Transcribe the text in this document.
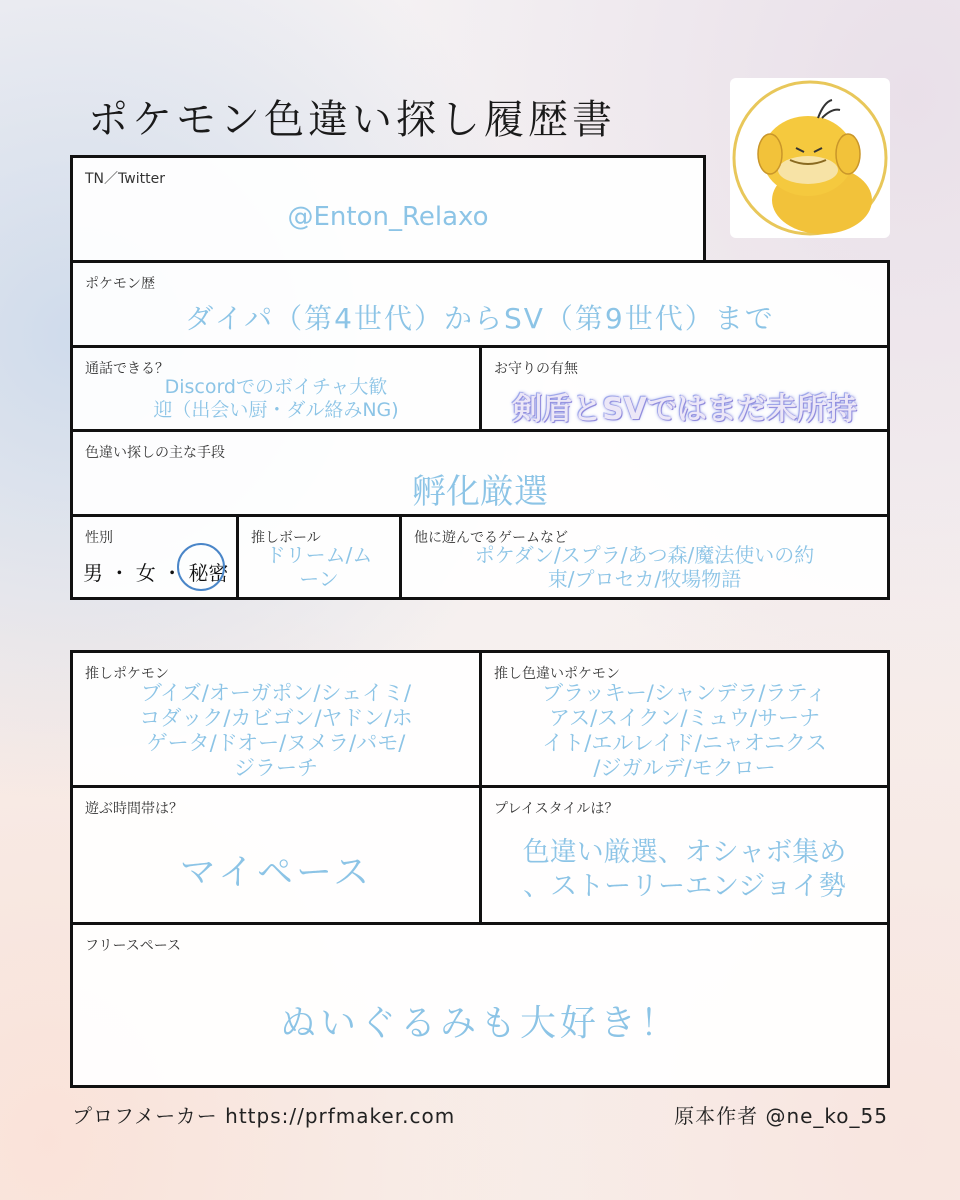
ポケモン色違い探し履歴書
TN／Twitter
@Enton_Relaxo
ポケモン歴
ダイパ（第4世代）からSV（第9世代）まで
通話できる？
Discordでのボイチャ大歓
迎（出会い厨・ダル絡みNG)
お守りの有無
剣盾とSVではまだ未所持
色違い探しの主な手段
孵化厳選
性別
男 ・ 女 ・ 秘密
推しボール
ドリーム/ム
ーン
他に遊んでるゲームなど
ポケダン/スプラ/あつ森/魔法使いの約
束/プロセカ/牧場物語
推しポケモン
ブイズ/オーガポン/シェイミ/
コダック/カビゴン/ヤドン/ホ
ゲータ/ドオー/ヌメラ/パモ/
ジラーチ
推し色違いポケモン
ブラッキー/シャンデラ/ラティ
アス/スイクン/ミュウ/サーナ
イト/エルレイド/ニャオニクス
/ジガルデ/モクロー
遊ぶ時間帯は？
マイペース
プレイスタイルは？
色違い厳選、オシャボ集め
、ストーリーエンジョイ勢
フリースペース
ぬいぐるみも大好き！
プロフメーカー https://prfmaker.com	原本作者 @ne_ko_55
